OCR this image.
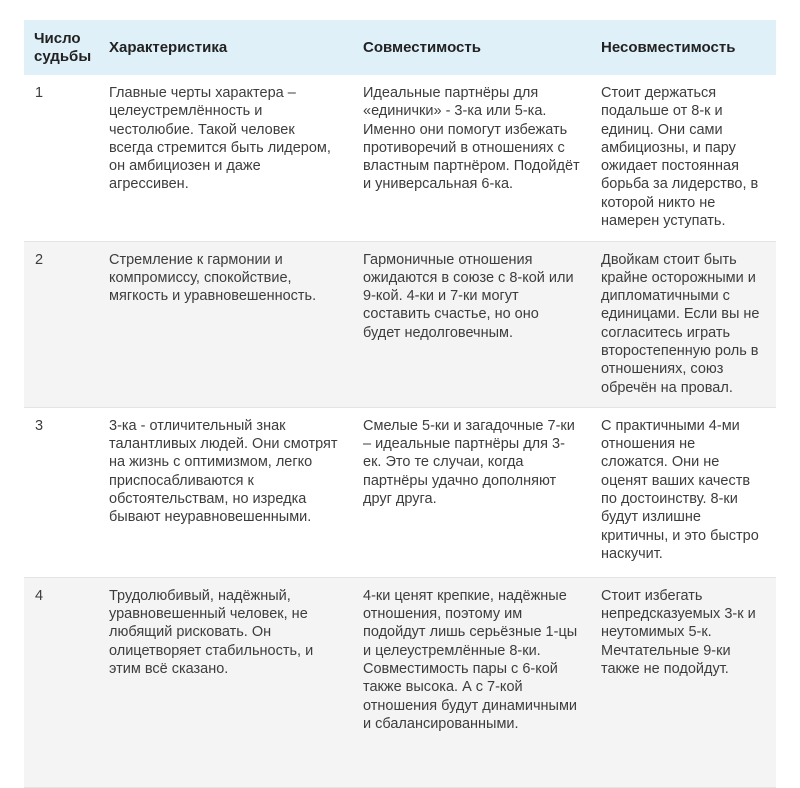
Число судьбы	Характеристика	Совместимость	Несовместимость
1	Главные черты характера – целеустремлённость и честолюбие. Такой человек всегда стремится быть лидером, он амбициозен и даже агрессивен.	Идеальные партнёры для «единички» - 3-ка или 5-ка. Именно они помогут избежать противоречий в отношениях с властным партнёром. Подойдёт и универсальная 6-ка.	Стоит держаться подальше от 8-к и единиц. Они сами амбициозны, и пару ожидает постоянная борьба за лидерство, в которой никто не намерен уступать.
2	Стремление к гармонии и компромиссу, спокойствие, мягкость и уравновешенность.	Гармоничные отношения ожидаются в союзе с 8-кой или 9-кой. 4-ки и 7-ки могут составить счастье, но оно будет недолговечным.	Двойкам стоит быть крайне осторожными и дипломатичными с единицами. Если вы не согласитесь играть второстепенную роль в отношениях, союз обречён на провал.
3	3-ка - отличительный знак талантливых людей. Они смотрят на жизнь с оптимизмом, легко приспосабливаются к обстоятельствам, но изредка бывают неуравновешенными.	Смелые 5-ки и загадочные 7-ки – идеальные партнёры для 3-ек. Это те случаи, когда партнёры удачно дополняют друг друга.	С практичными 4-ми отношения не сложатся. Они не оценят ваших качеств по достоинству. 8-ки будут излишне критичны, и это быстро наскучит.
4	Трудолюбивый, надёжный, уравновешенный человек, не любящий рисковать. Он олицетворяет стабильность, и этим всё сказано.	4-ки ценят крепкие, надёжные отношения, поэтому им подойдут лишь серьёзные 1-цы и целеустремлённые 8-ки. Совместимость пары с 6-кой также высока. А с 7-кой отношения будут динамичными и сбалансированными.	Стоит избегать непредсказуемых 3-к и неутомимых 5-к. Мечтательные 9-ки также не подойдут.
